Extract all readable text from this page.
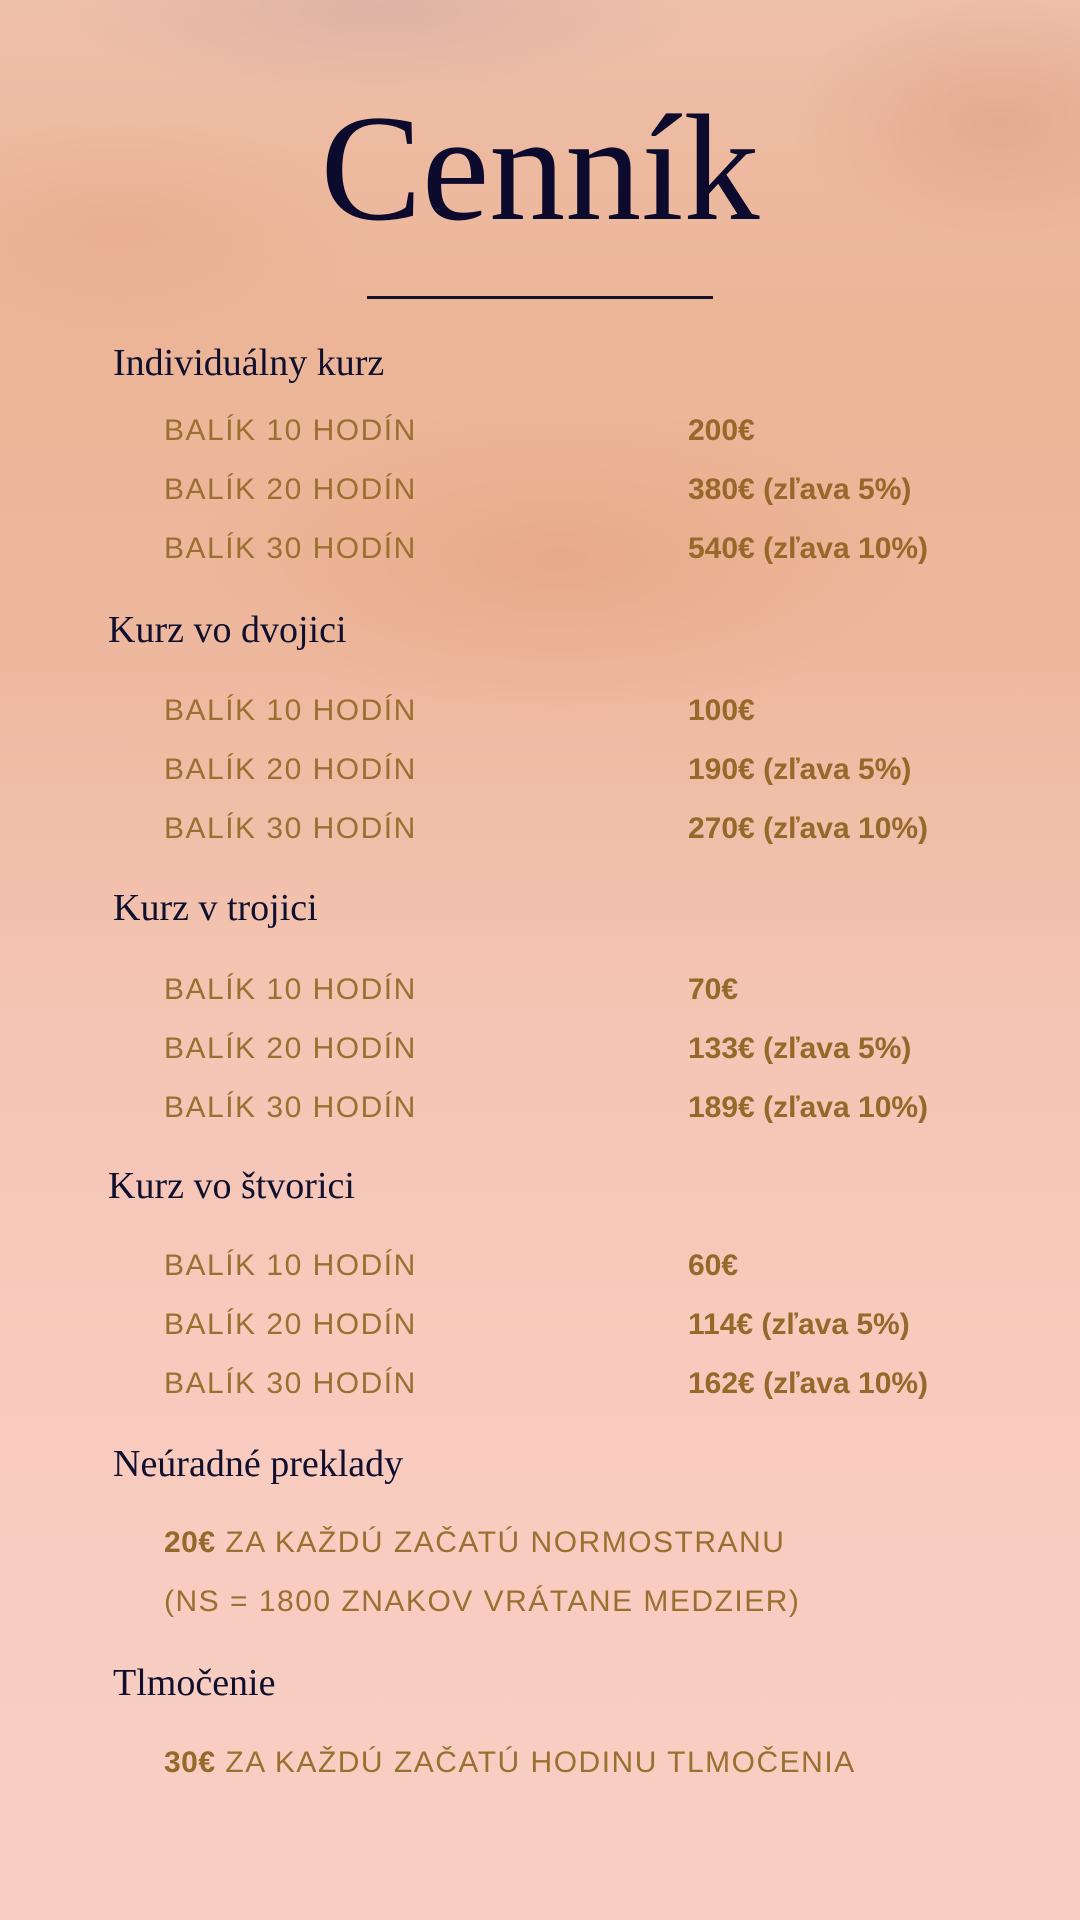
Cenník
Individuálny kurz
BALÍK 10 HODÍN	200€
BALÍK 20 HODÍN	380€ (zľava 5%)
BALÍK 30 HODÍN	540€ (zľava 10%)
Kurz vo dvojici
BALÍK 10 HODÍN	100€
BALÍK 20 HODÍN	190€ (zľava 5%)
BALÍK 30 HODÍN	270€ (zľava 10%)
Kurz v trojici
BALÍK 10 HODÍN	70€
BALÍK 20 HODÍN	133€ (zľava 5%)
BALÍK 30 HODÍN	189€ (zľava 10%)
Kurz vo štvorici
BALÍK 10 HODÍN	60€
BALÍK 20 HODÍN	114€ (zľava 5%)
BALÍK 30 HODÍN	162€ (zľava 10%)
Neúradné preklady
20€ ZA KAŽDÚ ZAČATÚ NORMOSTRANU
(NS = 1800 ZNAKOV VRÁTANE MEDZIER)
Tlmočenie
30€ ZA KAŽDÚ ZAČATÚ HODINU TLMOČENIA
